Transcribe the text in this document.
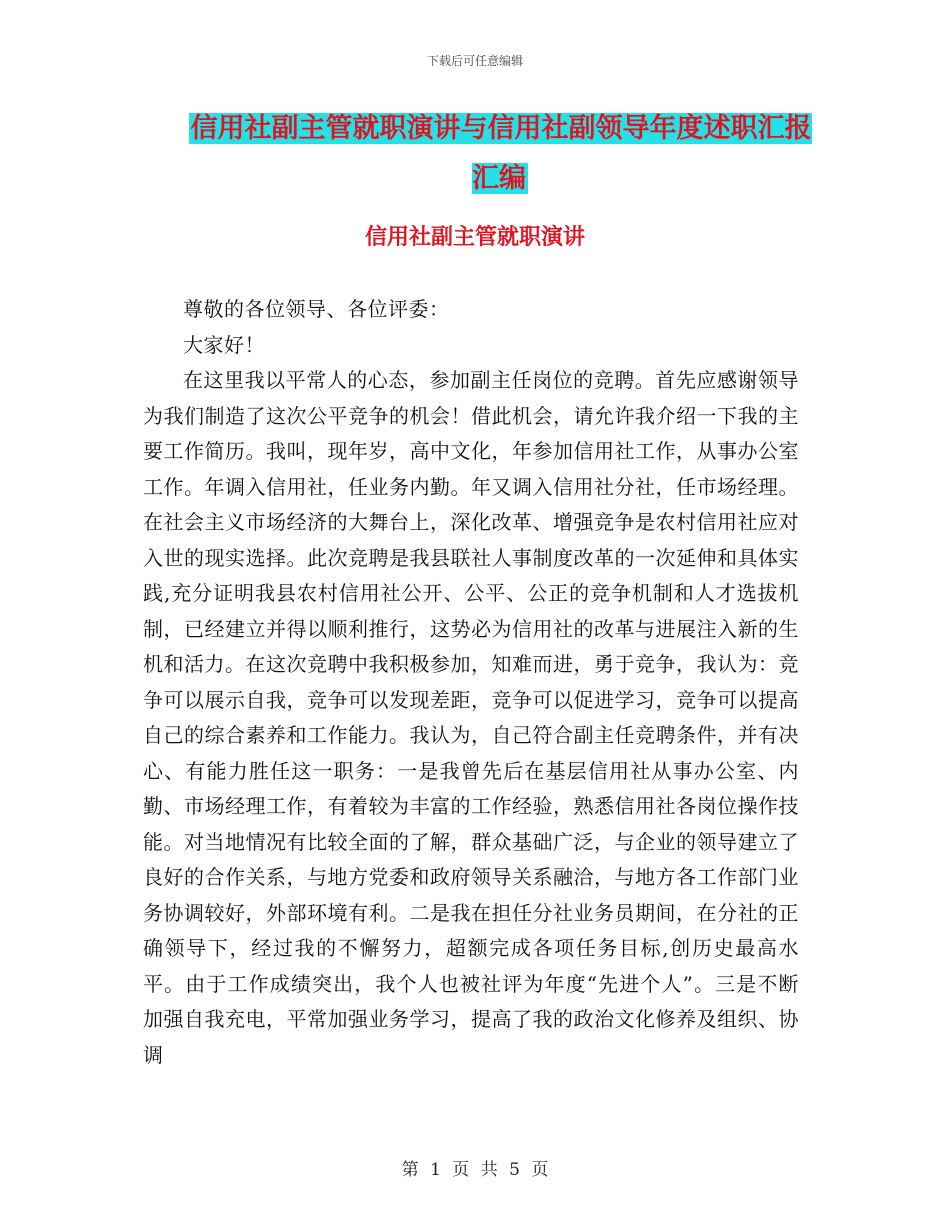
下载后可任意编辑
信用社副主管就职演讲与信用社副领导年度述职汇报汇编
信用社副主管就职演讲

尊敬的各位领导、各位评委：

大家好！

在这里我以平常人的心态，参加副主任岗位的竞聘。首先应感谢领导为我们制造了这次公平竞争的机会！借此机会，请允许我介绍一下我的主要工作简历。我叫，现年岁，高中文化，年参加信用社工作，从事办公室工作。年调入信用社，任业务内勤。年又调入信用社分社，任市场经理。在社会主义市场经济的大舞台上，深化改革、增强竞争是农村信用社应对入世的现实选择。此次竞聘是我县联社人事制度改革的一次延伸和具体实践,充分证明我县农村信用社公开、公平、公正的竞争机制和人才选拔机制，已经建立并得以顺利推行，这势必为信用社的改革与进展注入新的生机和活力。在这次竞聘中我积极参加，知难而进，勇于竞争，我认为：竞争可以展示自我，竞争可以发现差距，竞争可以促进学习，竞争可以提高自己的综合素养和工作能力。我认为，自己符合副主任竞聘条件，并有决心、有能力胜任这一职务：一是我曾先后在基层信用社从事办公室、内勤、市场经理工作，有着较为丰富的工作经验，熟悉信用社各岗位操作技能。对当地情况有比较全面的了解，群众基础广泛，与企业的领导建立了良好的合作关系，与地方党委和政府领导关系融洽，与地方各工作部门业务协调较好，外部环境有利。二是我在担任分社业务员期间，在分社的正确领导下，经过我的不懈努力，超额完成各项任务目标,创历史最高水平。由于工作成绩突出，我个人也被社评为年度“先进个人”。三是不断加强自我充电，平常加强业务学习，提高了我的政治文化修养及组织、协调

第 1 页 共 5 页
